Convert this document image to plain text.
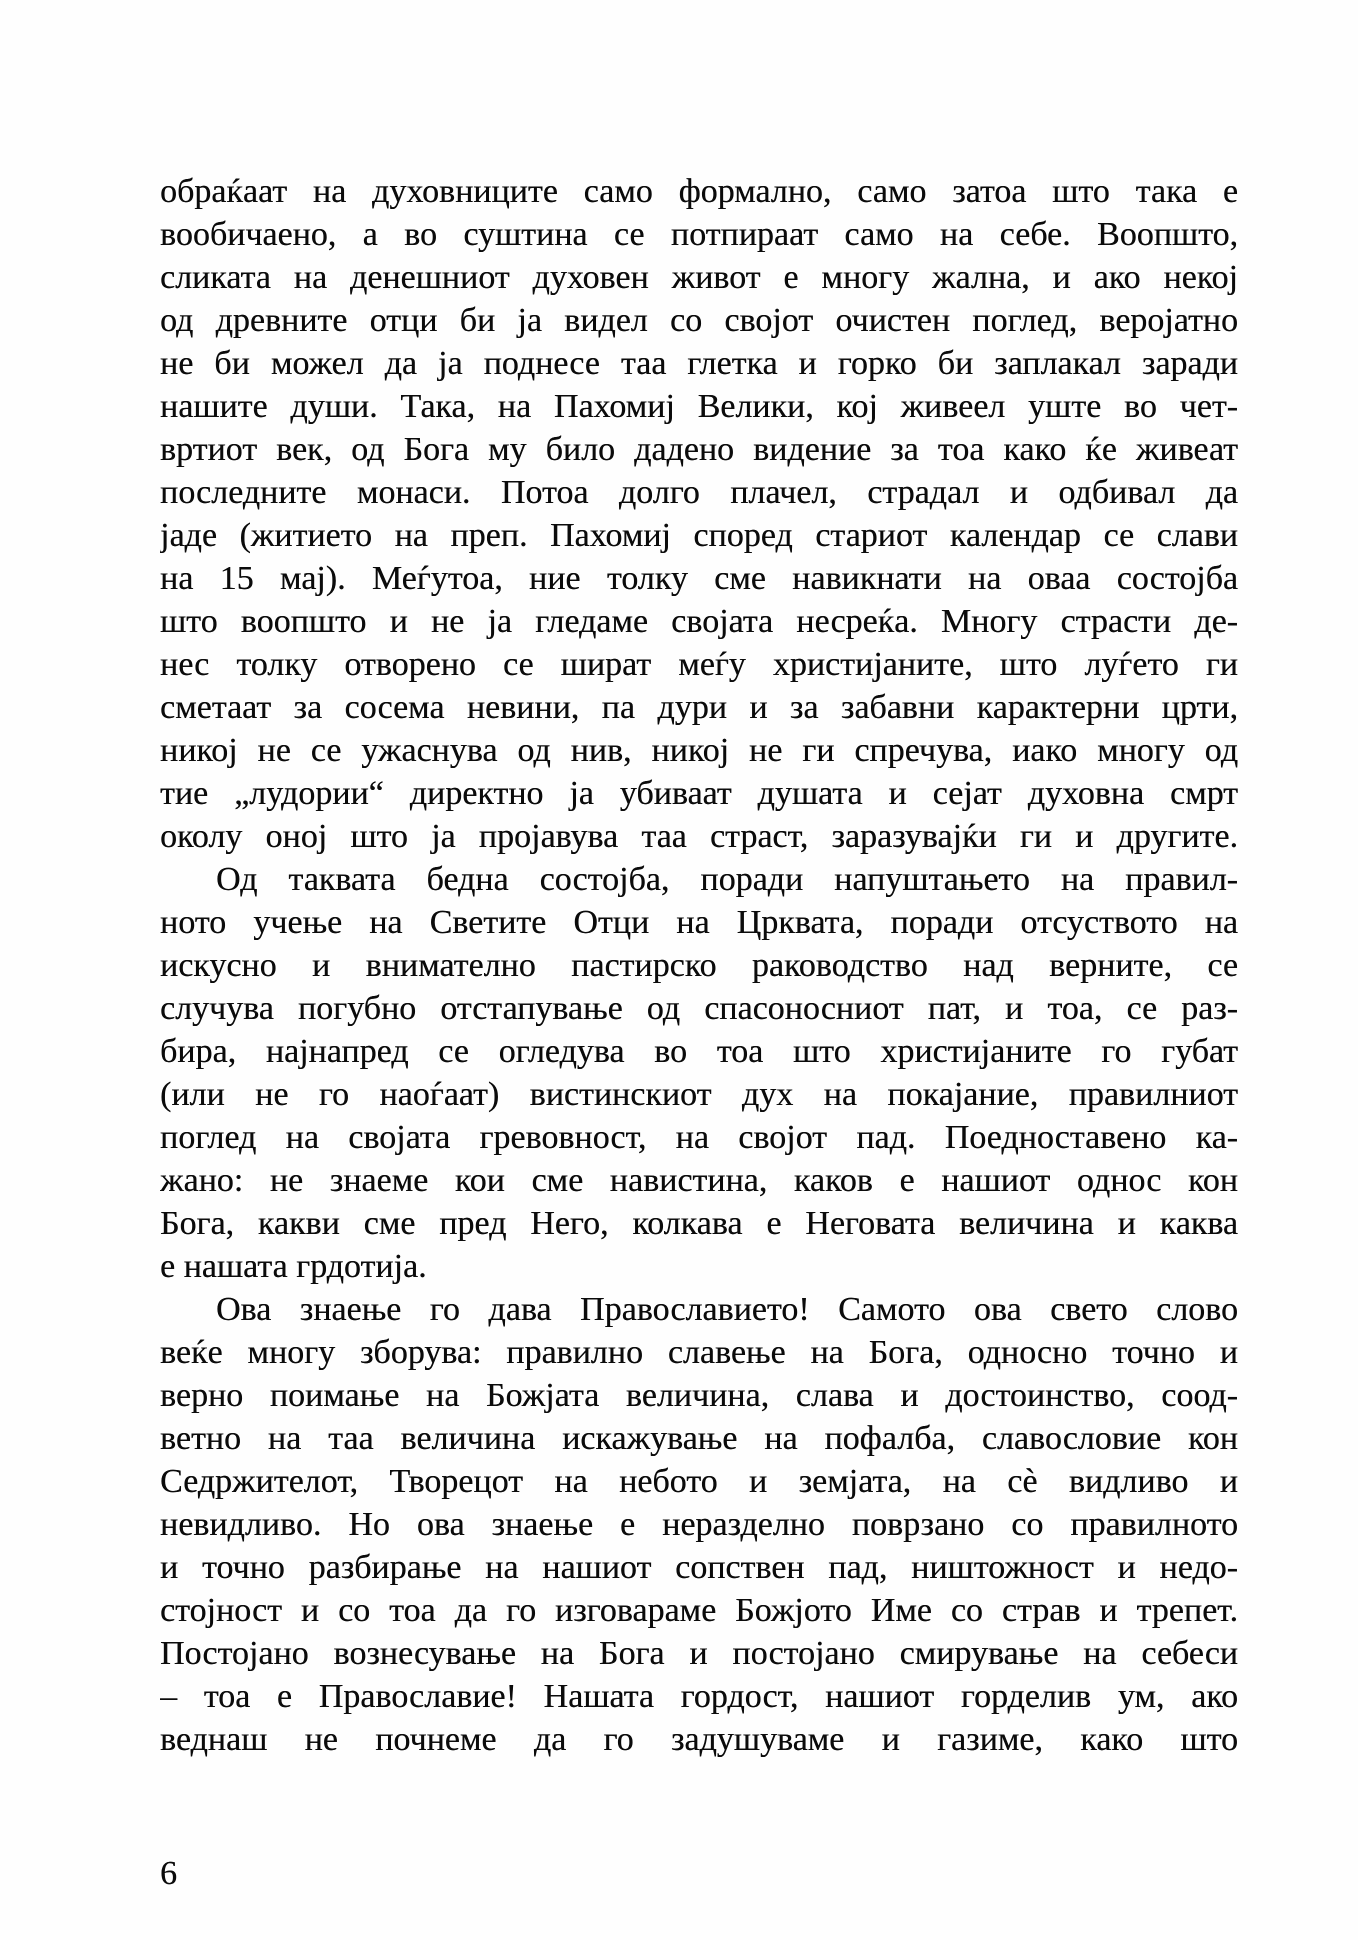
обраќаат на духовниците само формално, само затоа што така е
вообичаено, а во суштина се потпираат само на себе. Воопшто,
сликата на денешниот духовен живот е многу жална, и ако некој
од древните отци би ја видел со својот очистен поглед, веројатно
не би можел да ја поднесе таа глетка и горко би заплакал заради
нашите души. Така, на Пахомиј Велики, кој живеел уште во чет-
вртиот век, од Бога му било дадено видение за тоа како ќе живеат
последните монаси. Потоа долго плачел, страдал и одбивал да
јаде (житието на преп. Пахомиј според стариот календар се слави
на 15 мај). Меѓутоа, ние толку сме навикнати на оваа состојба
што воопшто и не ја гледаме својата несреќа. Многу страсти де-
нес толку отворено се шират меѓу христијаните, што луѓето ги
сметаат за сосема невини, па дури и за забавни карактерни црти,
никој не се ужаснува од нив, никој не ги спречува, иако многу од
тие „лудории“ директно ја убиваат душата и сејат духовна смрт
околу оној што ја пројавува таа страст, заразувајќи ги и другите.
Од таквата бедна состојба, поради напуштањето на правил-
ното учење на Светите Отци на Црквата, поради отсуството на
искусно и внимателно пастирско раководство над верните, се
случува погубно отстапување од спасоносниот пат, и тоа, се раз-
бира, најнапред се огледува во тоа што христијаните го губат
(или не го наоѓаат) вистинскиот дух на покајание, правилниот
поглед на својата гревовност, на својот пад. Поедноставено ка-
жано: не знаеме кои сме навистина, каков е нашиот однос кон
Бога, какви сме пред Него, колкава е Неговата величина и каква
е нашата грдотија.
Ова знаење го дава Православието! Самото ова свето слово
веќе многу зборува: правилно славење на Бога, односно точно и
верно поимање на Божјата величина, слава и достоинство, соод-
ветно на таа величина искажување на пофалба, славословие кон
Седржителот, Творецот на небото и земјата, на сѐ видливо и
невидливо. Но ова знаење е неразделно поврзано со правилното
и точно разбирање на нашиот сопствен пад, ништожност и недо-
стојност и со тоа да го изговараме Божјото Име со страв и трепет.
Постојано вознесување на Бога и постојано смирување на себеси
– тоа е Православие! Нашата гордост, нашиот горделив ум, ако
веднаш не почнеме да го задушуваме и газиме, како што
6
